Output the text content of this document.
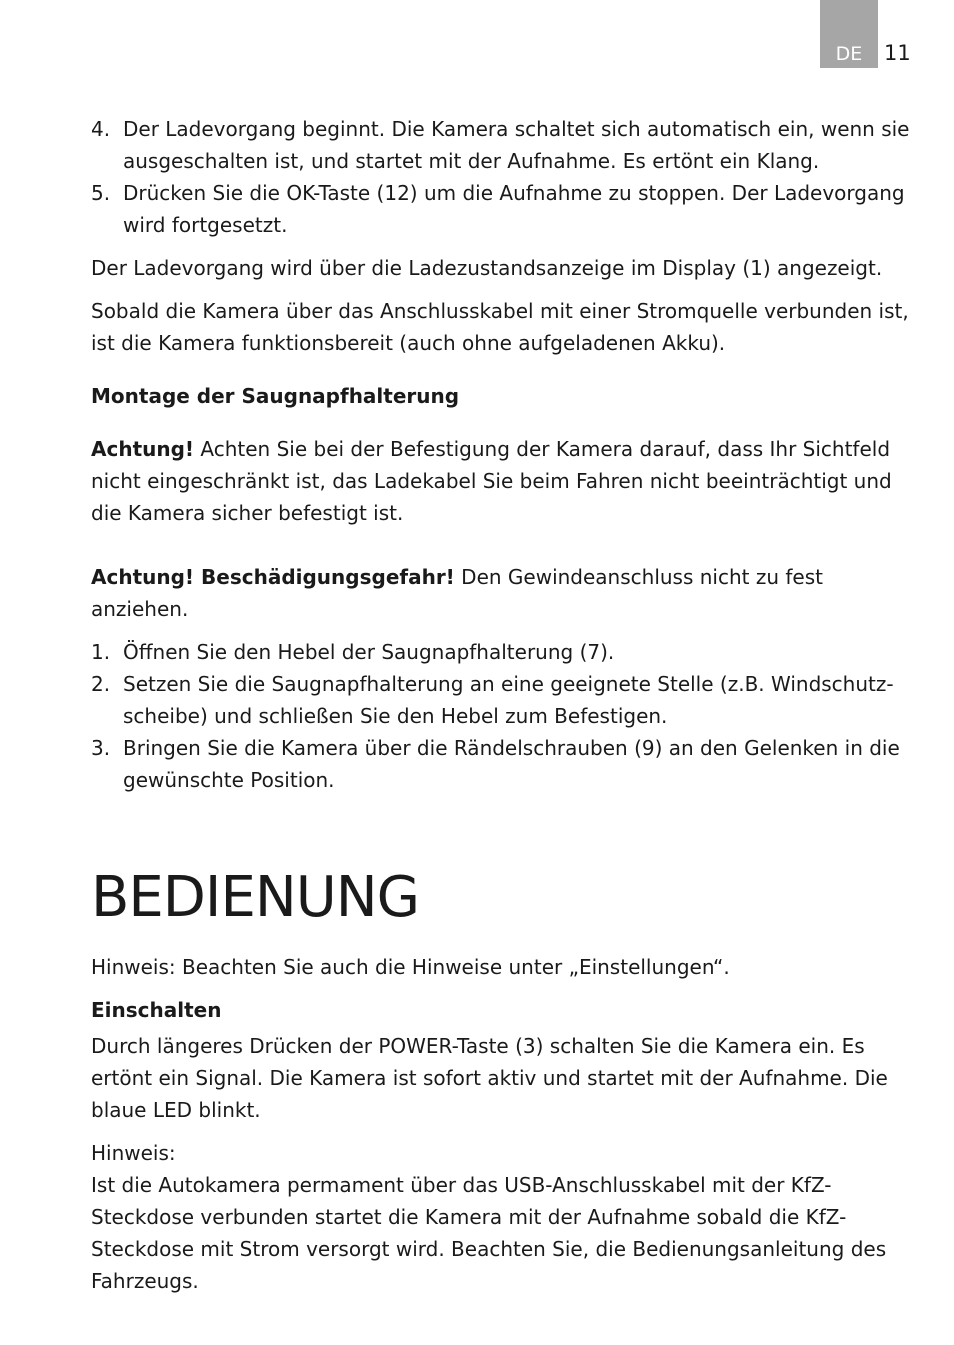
DE	11
4. Der Ladevorgang beginnt. Die Kamera schaltet sich automatisch ein, wenn sie ausgeschalten ist, und startet mit der Aufnahme. Es ertönt ein Klang.
5. Drücken Sie die OK-Taste (12) um die Aufnahme zu stoppen. Der Ladevorgang wird fortgesetzt.

Der Ladevorgang wird über die Ladezustandsanzeige im Display (1) angezeigt.

Sobald die Kamera über das Anschlusskabel mit einer Stromquelle verbunden ist, ist die Kamera funktionsbereit (auch ohne aufgeladenen Akku).

Montage der Saugnapfhalterung

Achtung! Achten Sie bei der Befestigung der Kamera darauf, dass Ihr Sichtfeld nicht eingeschränkt ist, das Ladekabel Sie beim Fahren nicht beeinträchtigt und die Kamera sicher befestigt ist.

Achtung! Beschädigungsgefahr! Den Gewindeanschluss nicht zu fest anziehen.

1. Öffnen Sie den Hebel der Saugnapfhalterung (7).
2. Setzen Sie die Saugnapfhalterung an eine geeignete Stelle (z.B. Windschutz-scheibe) und schließen Sie den Hebel zum Befestigen.
3. Bringen Sie die Kamera über die Rändelschrauben (9) an den Gelenken in die gewünschte Position.
BEDIENUNG

Hinweis: Beachten Sie auch die Hinweise unter „Einstellungen“.

Einschalten

Durch längeres Drücken der POWER-Taste (3) schalten Sie die Kamera ein. Es ertönt ein Signal. Die Kamera ist sofort aktiv und startet mit der Aufnahme. Die blaue LED blinkt.

Hinweis:

Ist die Autokamera permament über das USB-Anschlusskabel mit der KfZ-Steckdose verbunden startet die Kamera mit der Aufnahme sobald die KfZ-Steckdose mit Strom versorgt wird. Beachten Sie, die Bedienungsanleitung des Fahrzeugs.
